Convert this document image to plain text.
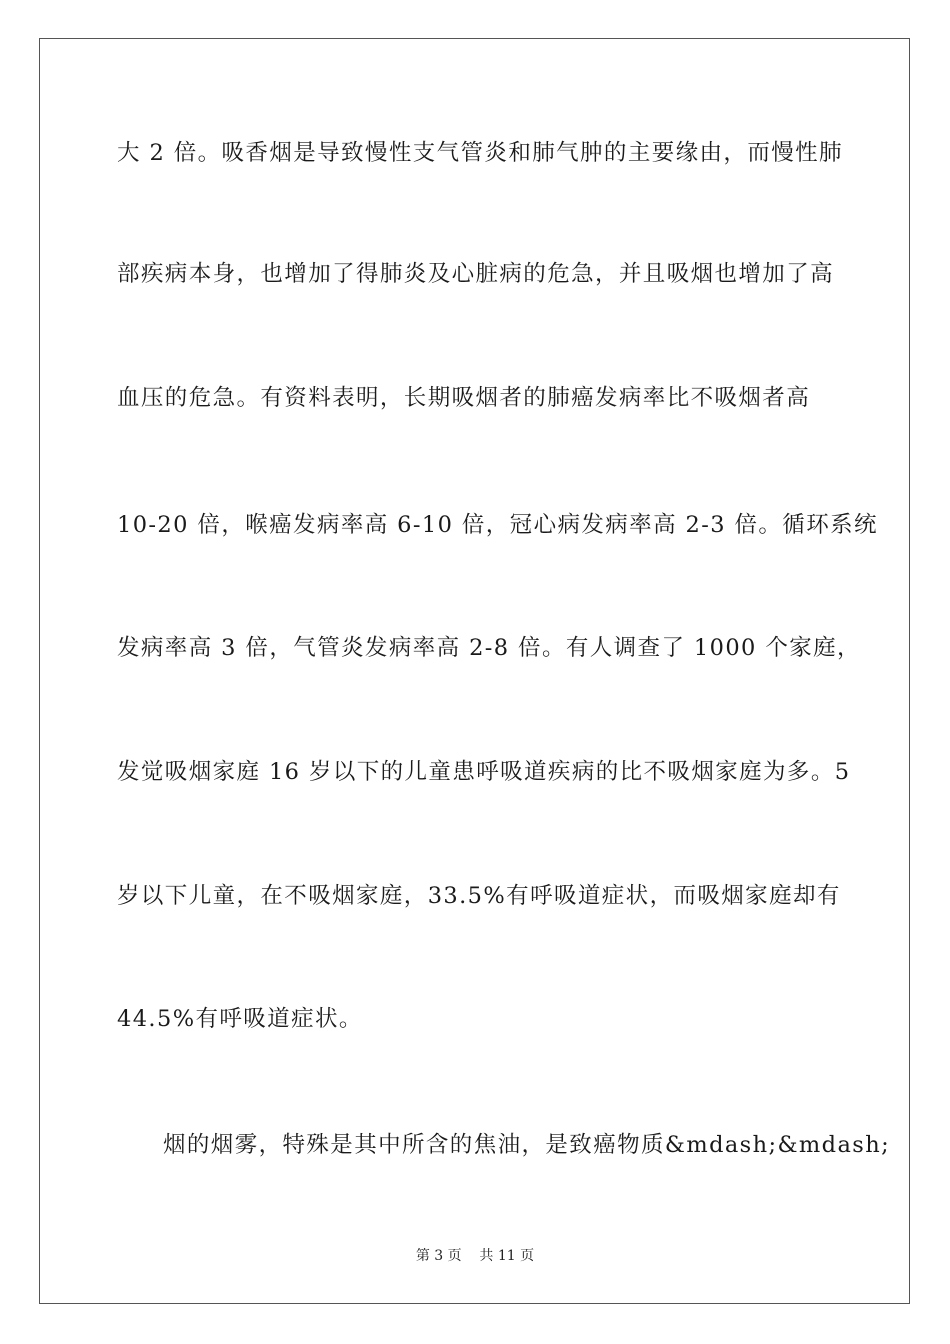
大 2 倍。吸香烟是导致慢性支气管炎和肺气肿的主要缘由，而慢性肺
部疾病本身，也增加了得肺炎及心脏病的危急，并且吸烟也增加了高
血压的危急。有资料表明，长期吸烟者的肺癌发病率比不吸烟者高
10-20 倍，喉癌发病率高 6-10 倍，冠心病发病率高 2-3 倍。循环系统
发病率高 3 倍，气管炎发病率高 2-8 倍。有人调查了 1000 个家庭，
发觉吸烟家庭 16 岁以下的儿童患呼吸道疾病的比不吸烟家庭为多。5
岁以下儿童，在不吸烟家庭，33.5%有呼吸道症状，而吸烟家庭却有
44.5%有呼吸道症状。
烟的烟雾，特殊是其中所含的焦油，是致癌物质&mdash;&mdash;
第 3 页    共 11 页
